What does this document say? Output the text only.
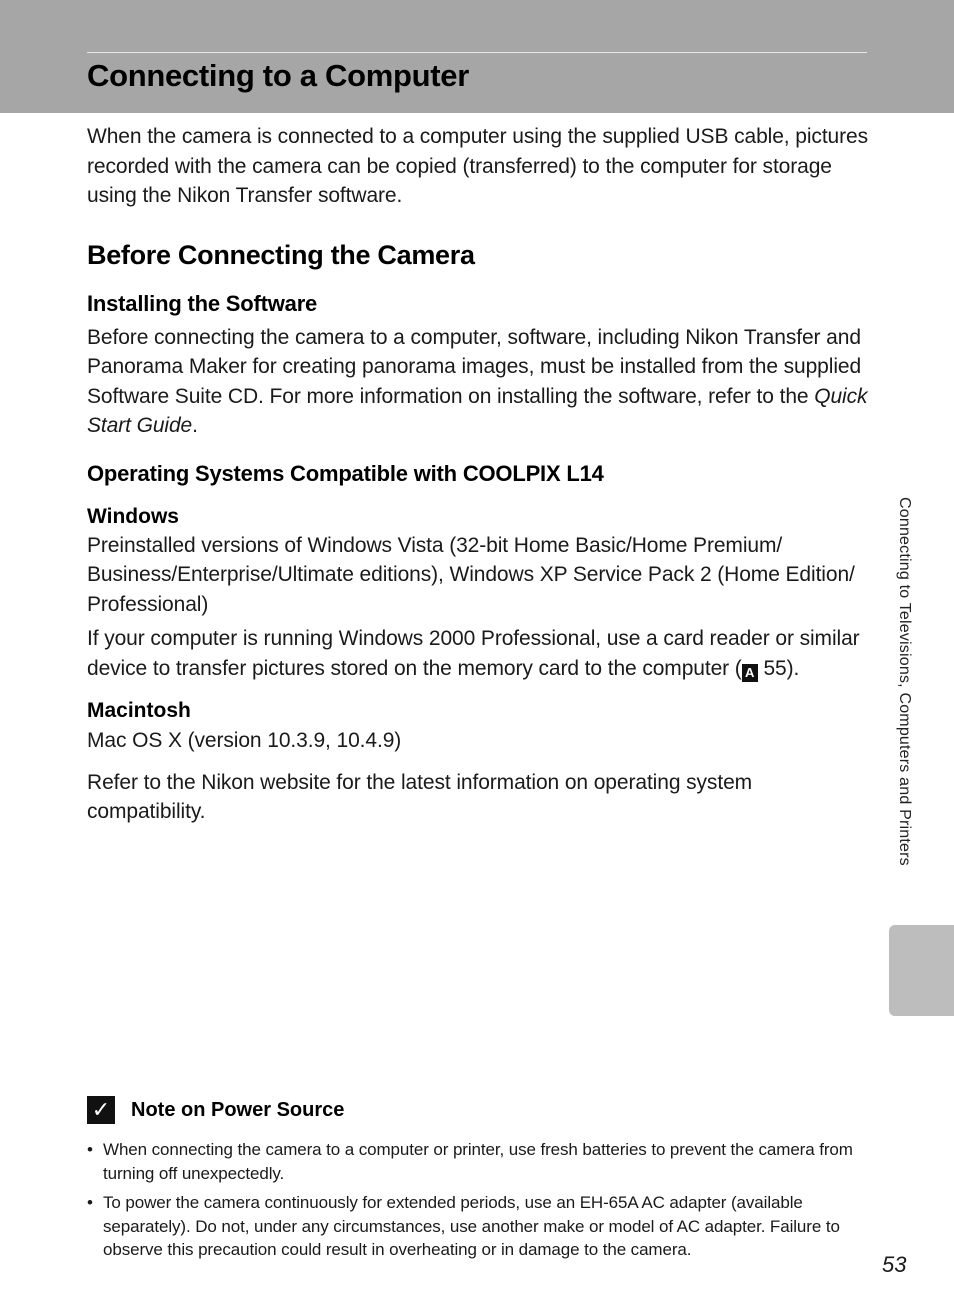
Connecting to a Computer

When the camera is connected to a computer using the supplied USB cable, pictures recorded with the camera can be copied (transferred) to the computer for storage using the Nikon Transfer software.

Before Connecting the Camera
Installing the Software

Before connecting the camera to a computer, software, including Nikon Transfer and Panorama Maker for creating panorama images, must be installed from the supplied Software Suite CD. For more information on installing the software, refer to the Quick Start Guide.

Operating Systems Compatible with COOLPIX L14
Windows

Preinstalled versions of Windows Vista (32-bit Home Basic/Home Premium/ Business/Enterprise/Ultimate editions), Windows XP Service Pack 2 (Home Edition/ Professional)

If your computer is running Windows 2000 Professional, use a card reader or similar device to transfer pictures stored on the memory card to the computer ( A 55).

Macintosh

Mac OS X (version 10.3.9, 10.4.9)

Refer to the Nikon website for the latest information on operating system compatibility.	Connecting to Televisions, Computers and Printers
✓ Note on Power Source
• When connecting the camera to a computer or printer, use fresh batteries to prevent the camera from turning off unexpectedly.
• To power the camera continuously for extended periods, use an EH-65A AC adapter (available separately). Do not, under any circumstances, use another make or model of AC adapter. Failure to observe this precaution could result in overheating or in damage to the camera.
53
